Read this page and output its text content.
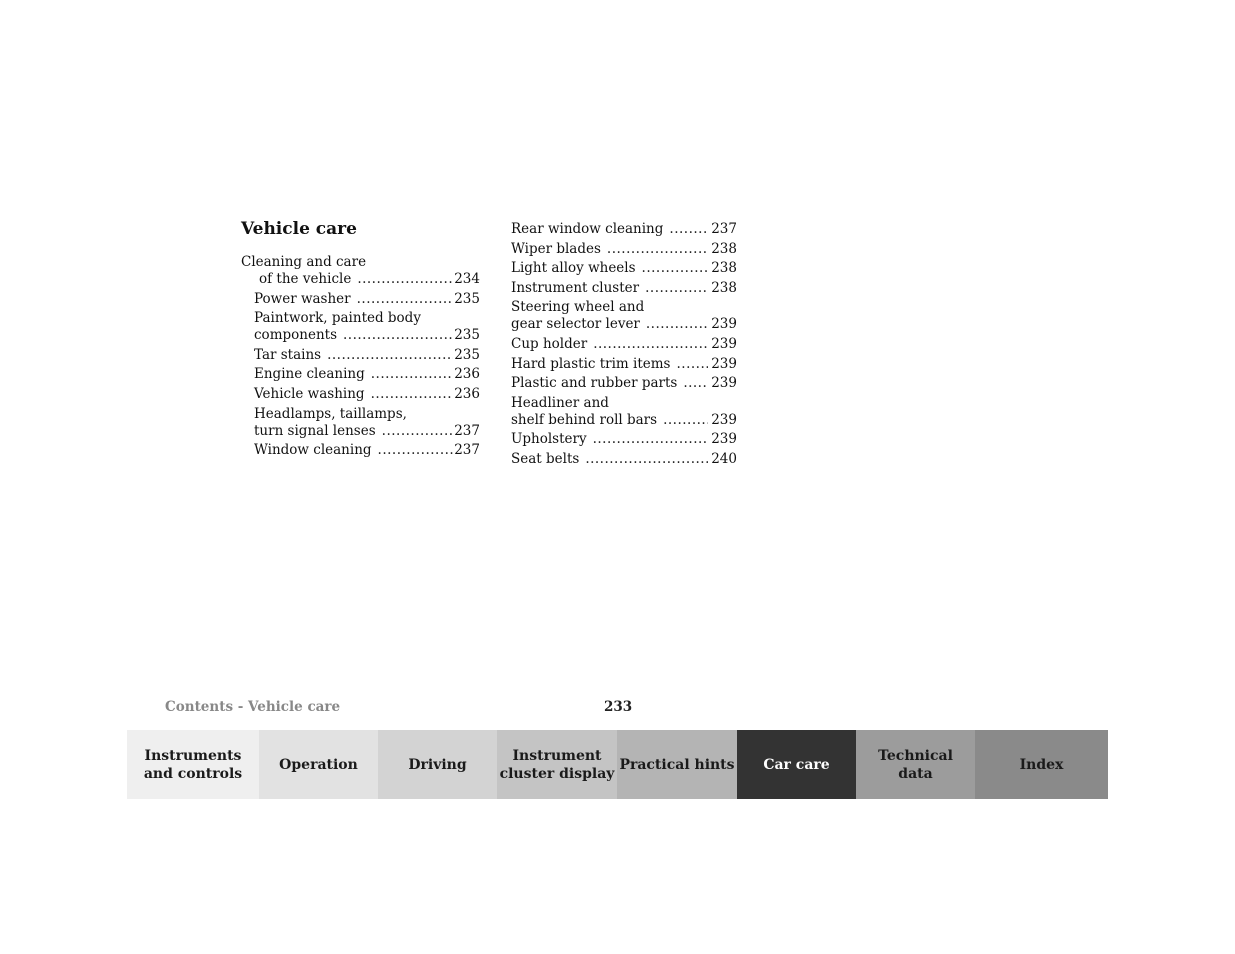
Vehicle care
Cleaning and care
of the vehicle .....	234
Power washer .....	235
Paintwork, painted body
components .....	235
Tar stains .....	235
Engine cleaning .....	236
Vehicle washing .....	236
Headlamps, taillamps,
turn signal lenses .....	237
Window cleaning .....	237
Rear window cleaning .....	237
Wiper blades .....	238
Light alloy wheels .....	238
Instrument cluster .....	238
Steering wheel and
gear selector lever .....	239
Cup holder .....	239
Hard plastic trim items .....	239
Plastic and rubber parts .....	239
Headliner and
shelf behind roll bars .....	239
Upholstery .....	239
Seat belts .....	240
Contents - Vehicle care	233
Instruments
and controls
Operation	Driving
Instrument
cluster display
Practical hints Car care
Technical
data
Index
